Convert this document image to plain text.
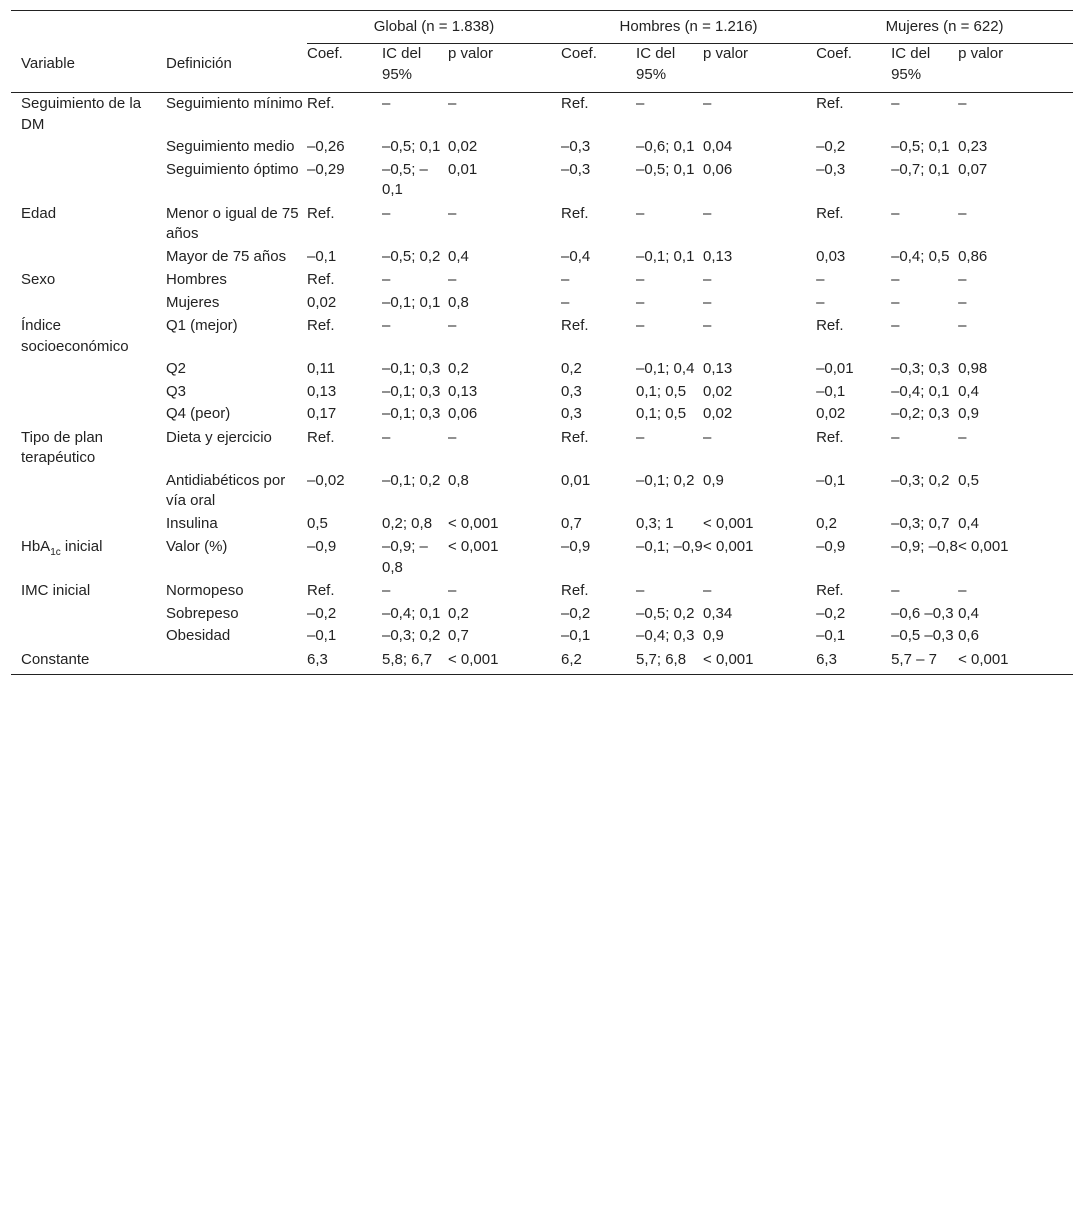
		Global (n = 1.838)			Hombres (n = 1.216)			Mujeres (n = 622)		
Variable	Definición	Coef.	IC del 95%	p valor	Coef.	IC del 95%	p valor	Coef.	IC del 95%	p valor
Seguimiento de la DM	Seguimiento mínimo	Ref.	–	–	Ref.	–	–	Ref.	–	–
	Seguimiento medio	–0,26	–0,5; 0,1	0,02	–0,3	–0,6; 0,1	0,04	–0,2	–0,5; 0,1	0,23
	Seguimiento óptimo	–0,29	–0,5; –0,1	0,01	–0,3	–0,5; 0,1	0,06	–0,3	–0,7; 0,1	0,07
Edad	Menor o igual de 75 años	Ref.	–	–	Ref.	–	–	Ref.	–	–
	Mayor de 75 años	–0,1	–0,5; 0,2	0,4	–0,4	–0,1; 0,1	0,13	0,03	–0,4; 0,5	0,86
Sexo	Hombres	Ref.	–	–	–	–	–	–	–	–
	Mujeres	0,02	–0,1; 0,1	0,8	–	–	–	–	–	–
Índice socioeconómico	Q1 (mejor)	Ref.	–	–	Ref.	–	–	Ref.	–	–
	Q2	0,11	–0,1; 0,3	0,2	0,2	–0,1; 0,4	0,13	–0,01	–0,3; 0,3	0,98
	Q3	0,13	–0,1; 0,3	0,13	0,3	0,1; 0,5	0,02	–0,1	–0,4; 0,1	0,4
	Q4 (peor)	0,17	–0,1; 0,3	0,06	0,3	0,1; 0,5	0,02	0,02	–0,2; 0,3	0,9
Tipo de plan terapéutico	Dieta y ejercicio	Ref.	–	–	Ref.	–	–	Ref.	–	–
	Antidiabéticos por vía oral	–0,02	–0,1; 0,2	0,8	0,01	–0,1; 0,2	0,9	–0,1	–0,3; 0,2	0,5
	Insulina	0,5	0,2; 0,8	< 0,001	0,7	0,3; 1	< 0,001	0,2	–0,3; 0,7	0,4
HbA$_{1c}$ inicial	Valor (%)	–0,9	–0,9; –0,8	< 0,001	–0,9	–0,1; –0,9	< 0,001	–0,9	–0,9; –0,8	< 0,001
IMC inicial	Normopeso	Ref.	–	–	Ref.	–	–	Ref.	–	–
	Sobrepeso	–0,2	–0,4; 0,1	0,2	–0,2	–0,5; 0,2	0,34	–0,2	–0,6 –0,3	0,4
	Obesidad	–0,1	–0,3; 0,2	0,7	–0,1	–0,4; 0,3	0,9	–0,1	–0,5 –0,3	0,6
Constante		6,3	5,8; 6,7	< 0,001	6,2	5,7; 6,8	< 0,001	6,3	5,7 – 7	< 0,001
